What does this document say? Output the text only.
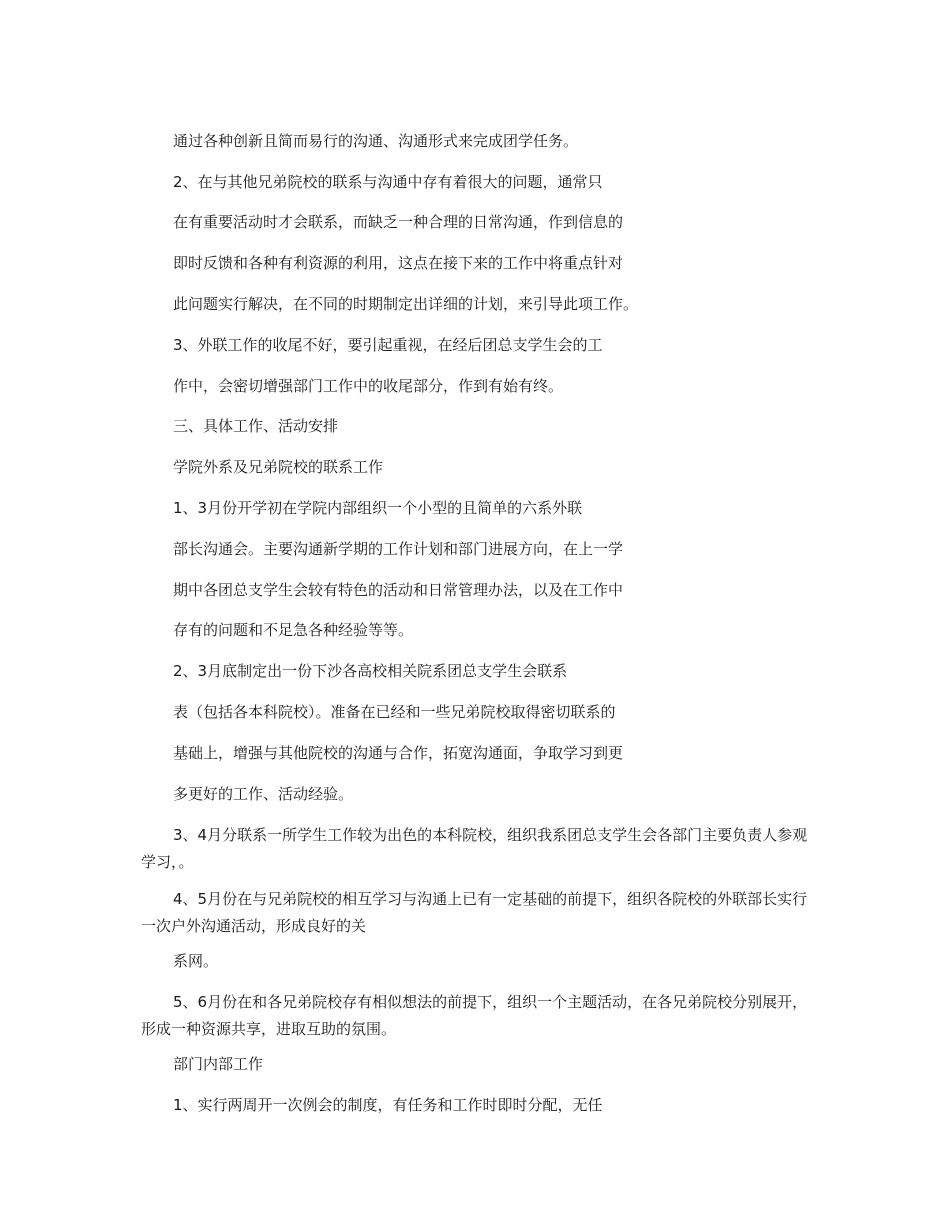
通过各种创新且简而易行的沟通、沟通形式来完成团学任务。

2、在与其他兄弟院校的联系与沟通中存有着很大的问题，通常只

在有重要活动时才会联系，而缺乏一种合理的日常沟通，作到信息的

即时反馈和各种有利资源的利用，这点在接下来的工作中将重点针对

此问题实行解决，在不同的时期制定出详细的计划，来引导此项工作。

3、外联工作的收尾不好，要引起重视，在经后团总支学生会的工

作中，会密切增强部门工作中的收尾部分，作到有始有终。

三、具体工作、活动安排

学院外系及兄弟院校的联系工作

1、3月份开学初在学院内部组织一个小型的且简单的六系外联

部长沟通会。主要沟通新学期的工作计划和部门进展方向，在上一学

期中各团总支学生会较有特色的活动和日常管理办法，以及在工作中

存有的问题和不足急各种经验等等。

2、3月底制定出一份下沙各高校相关院系团总支学生会联系

表（包括各本科院校）。准备在已经和一些兄弟院校取得密切联系的

基础上，增强与其他院校的沟通与合作，拓宽沟通面，争取学习到更

多更好的工作、活动经验。

3、4月分联系一所学生工作较为出色的本科院校，组织我系团总支学生会各部门主要负责人参观学习，。

4、5月份在与兄弟院校的相互学习与沟通上已有一定基础的前提下，组织各院校的外联部长实行一次户外沟通活动，形成良好的关

系网。

5、6月份在和各兄弟院校存有相似想法的前提下，组织一个主题活动，在各兄弟院校分别展开，形成一种资源共享，进取互助的氛围。

部门内部工作

1、实行两周开一次例会的制度，有任务和工作时即时分配，无任
